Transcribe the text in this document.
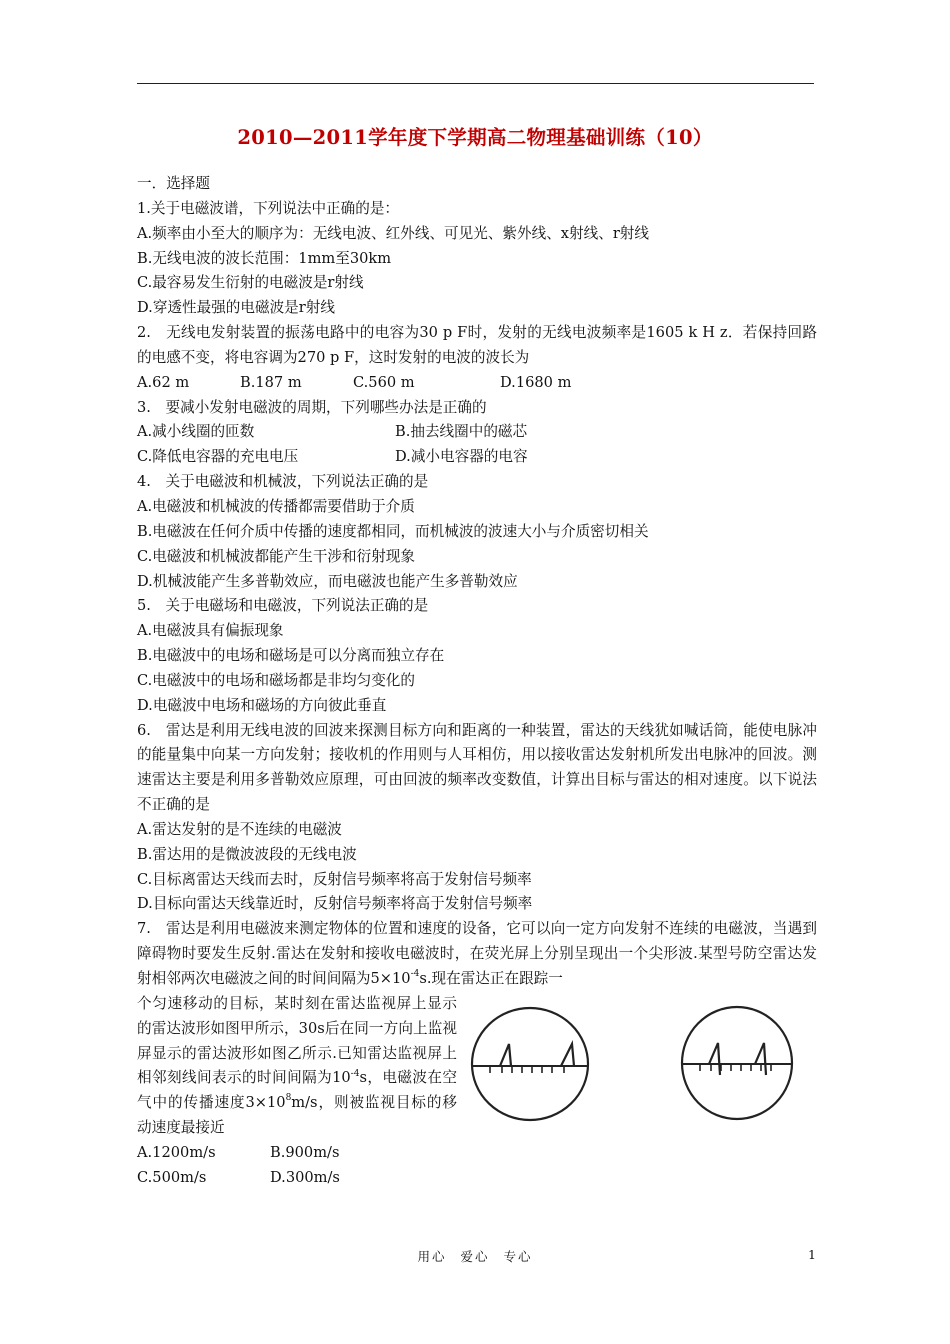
2010—2011学年度下学期高二物理基础训练（10）
一．选择题
1.关于电磁波谱，下列说法中正确的是：
A.频率由小至大的顺序为：无线电波、红外线、可见光、紫外线、x射线、r射线
B.无线电波的波长范围：1mm至30km
C.最容易发生衍射的电磁波是r射线
D.穿透性最强的电磁波是r射线
2.　无线电发射装置的振荡电路中的电容为30 p F时，发射的无线电波频率是1605 k H z．若保持回路的电感不变，将电容调为270 p F，这时发射的电波的波长为
A.62 m	B.187 m	C.560 m	D.1680 m
3.　要减小发射电磁波的周期，下列哪些办法是正确的
A.减小线圈的匝数	B.抽去线圈中的磁芯
C.降低电容器的充电电压	D.减小电容器的电容
4.　关于电磁波和机械波，下列说法正确的是
A.电磁波和机械波的传播都需要借助于介质
B.电磁波在任何介质中传播的速度都相同，而机械波的波速大小与介质密切相关
C.电磁波和机械波都能产生干涉和衍射现象
D.机械波能产生多普勒效应，而电磁波也能产生多普勒效应
5.　关于电磁场和电磁波，下列说法正确的是
A.电磁波具有偏振现象
B.电磁波中的电场和磁场是可以分离而独立存在
C.电磁波中的电场和磁场都是非均匀变化的
D.电磁波中电场和磁场的方向彼此垂直
6.　雷达是利用无线电波的回波来探测目标方向和距离的一种装置，雷达的天线犹如喊话筒，能使电脉冲的能量集中向某一方向发射；接收机的作用则与人耳相仿，用以接收雷达发射机所发出电脉冲的回波。测速雷达主要是利用多普勒效应原理，可由回波的频率改变数值，计算出目标与雷达的相对速度。以下说法不正确的是
A.雷达发射的是不连续的电磁波
B.雷达用的是微波波段的无线电波
C.目标离雷达天线而去时，反射信号频率将高于发射信号频率
D.目标向雷达天线靠近时，反射信号频率将高于发射信号频率
7.　雷达是利用电磁波来测定物体的位置和速度的设备，它可以向一定方向发射不连续的电磁波，当遇到障碍物时要发生反射.雷达在发射和接收电磁波时，在荧光屏上分别呈现出一个尖形波.某型号防空雷达发射相邻两次电磁波之间的时间间隔为$5\times 10^{-4}s$.现在雷达正在跟踪一
个匀速移动的目标，某时刻在雷达监视屏上显示的雷达波形如图甲所示，30s后在同一方向上监视屏显示的雷达波形如图乙所示.已知雷达监视屏上相邻刻线间表示的时间间隔为$10^{-4}s$，电磁波在空气中的传播速度$3\times 10^8m/s$，则被监视目标的移动速度最接近
A.1200m/s	B.900m/s
C.500m/s	D.300m/s
用心 爱心 专心	1
